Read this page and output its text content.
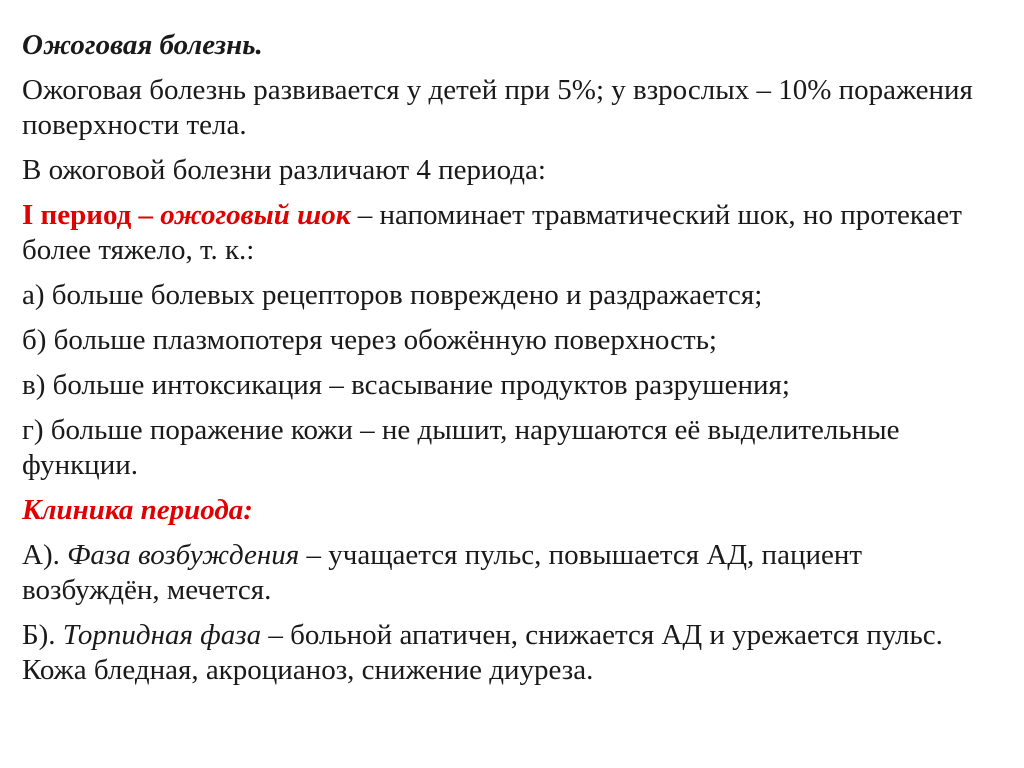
Ожоговая болезнь.

Ожоговая болезнь развивается у детей при 5%; у взрослых – 10% поражения поверхности тела.

В ожоговой болезни различают 4 периода:

I период – ожоговый шок – напоминает травматический шок, но протекает более тяжело, т. к.:

а) больше болевых рецепторов повреждено и раздражается;

б) больше плазмопотеря через обожённую поверхность;

в) больше интоксикация – всасывание продуктов разрушения;

г) больше поражение кожи – не дышит, нарушаются её выделительные функции.

Клиника периода:

А). Фаза возбуждения – учащается пульс, повышается АД, пациент возбуждён, мечется.

Б). Торпидная фаза – больной апатичен, снижается АД и урежается пульс. Кожа бледная, акроцианоз, снижение диуреза.
